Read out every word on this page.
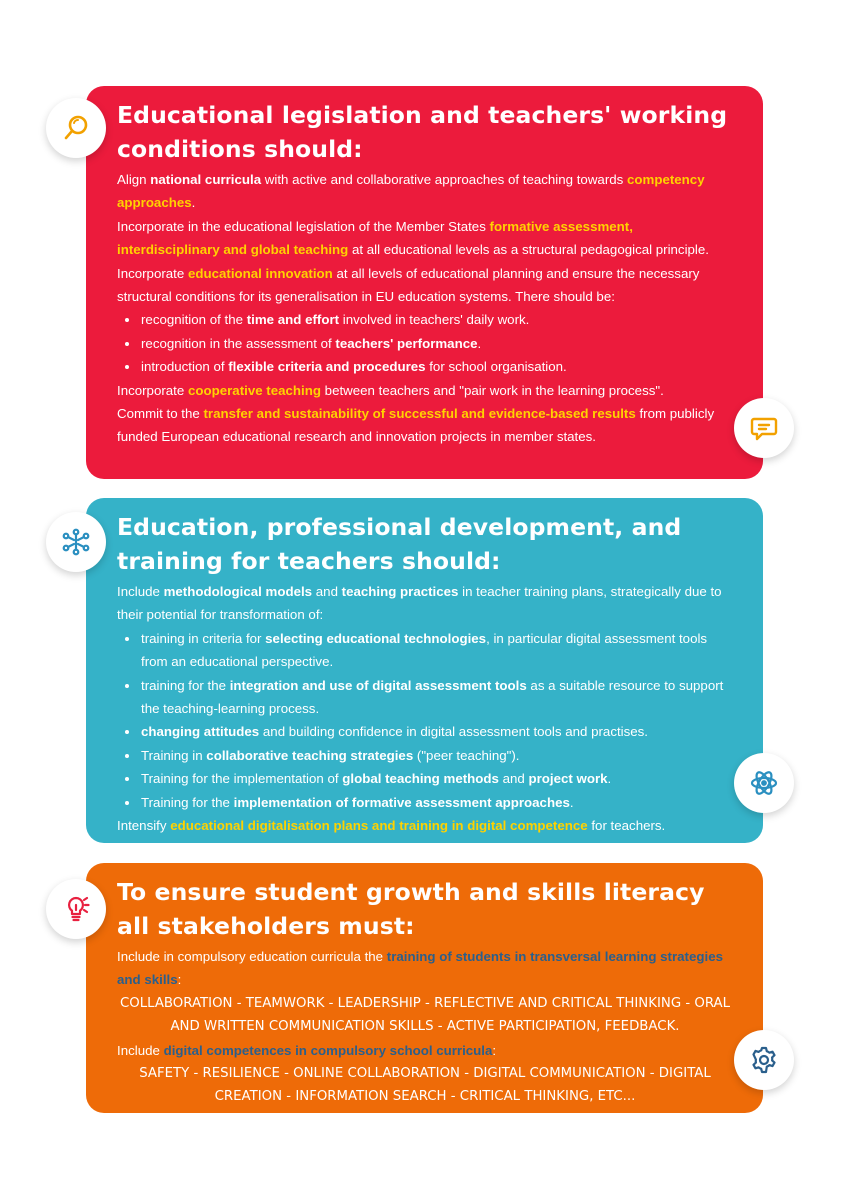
Educational legislation and teachers' working conditions should:

Align national curricula with active and collaborative approaches of teaching towards competency approaches.

Incorporate in the educational legislation of the Member States formative assessment, interdisciplinary and global teaching at all educational levels as a structural pedagogical principle.

Incorporate educational innovation at all levels of educational planning and ensure the necessary structural conditions for its generalisation in EU education systems. There should be:

• recognition of the time and effort involved in teachers' daily work.
• recognition in the assessment of teachers' performance.
• introduction of flexible criteria and procedures for school organisation.

Incorporate cooperative teaching between teachers and "pair work in the learning process".

Commit to the transfer and sustainability of successful and evidence-based results from publicly funded European educational research and innovation projects in member states.

Education, professional development, and training for teachers should:

Include methodological models and teaching practices in teacher training plans, strategically due to their potential for transformation of:

• training in criteria for selecting educational technologies, in particular digital assessment tools from an educational perspective.
• training for the integration and use of digital assessment tools as a suitable resource to support the teaching-learning process.
• changing attitudes and building confidence in digital assessment tools and practises.
• Training in collaborative teaching strategies ("peer teaching").
• Training for the implementation of global teaching methods and project work.
• Training for the implementation of formative assessment approaches.

Intensify educational digitalisation plans and training in digital competence for teachers.

To ensure student growth and skills literacy all stakeholders must:

Include in compulsory education curricula the training of students in transversal learning strategies and skills:

COLLABORATION - TEAMWORK - LEADERSHIP - REFLECTIVE AND CRITICAL THINKING - ORAL AND WRITTEN COMMUNICATION SKILLS - ACTIVE PARTICIPATION, FEEDBACK.

Include digital competences in compulsory school curricula:

SAFETY - RESILIENCE - ONLINE COLLABORATION - DIGITAL COMMUNICATION - DIGITAL CREATION - INFORMATION SEARCH - CRITICAL THINKING, ETC...
